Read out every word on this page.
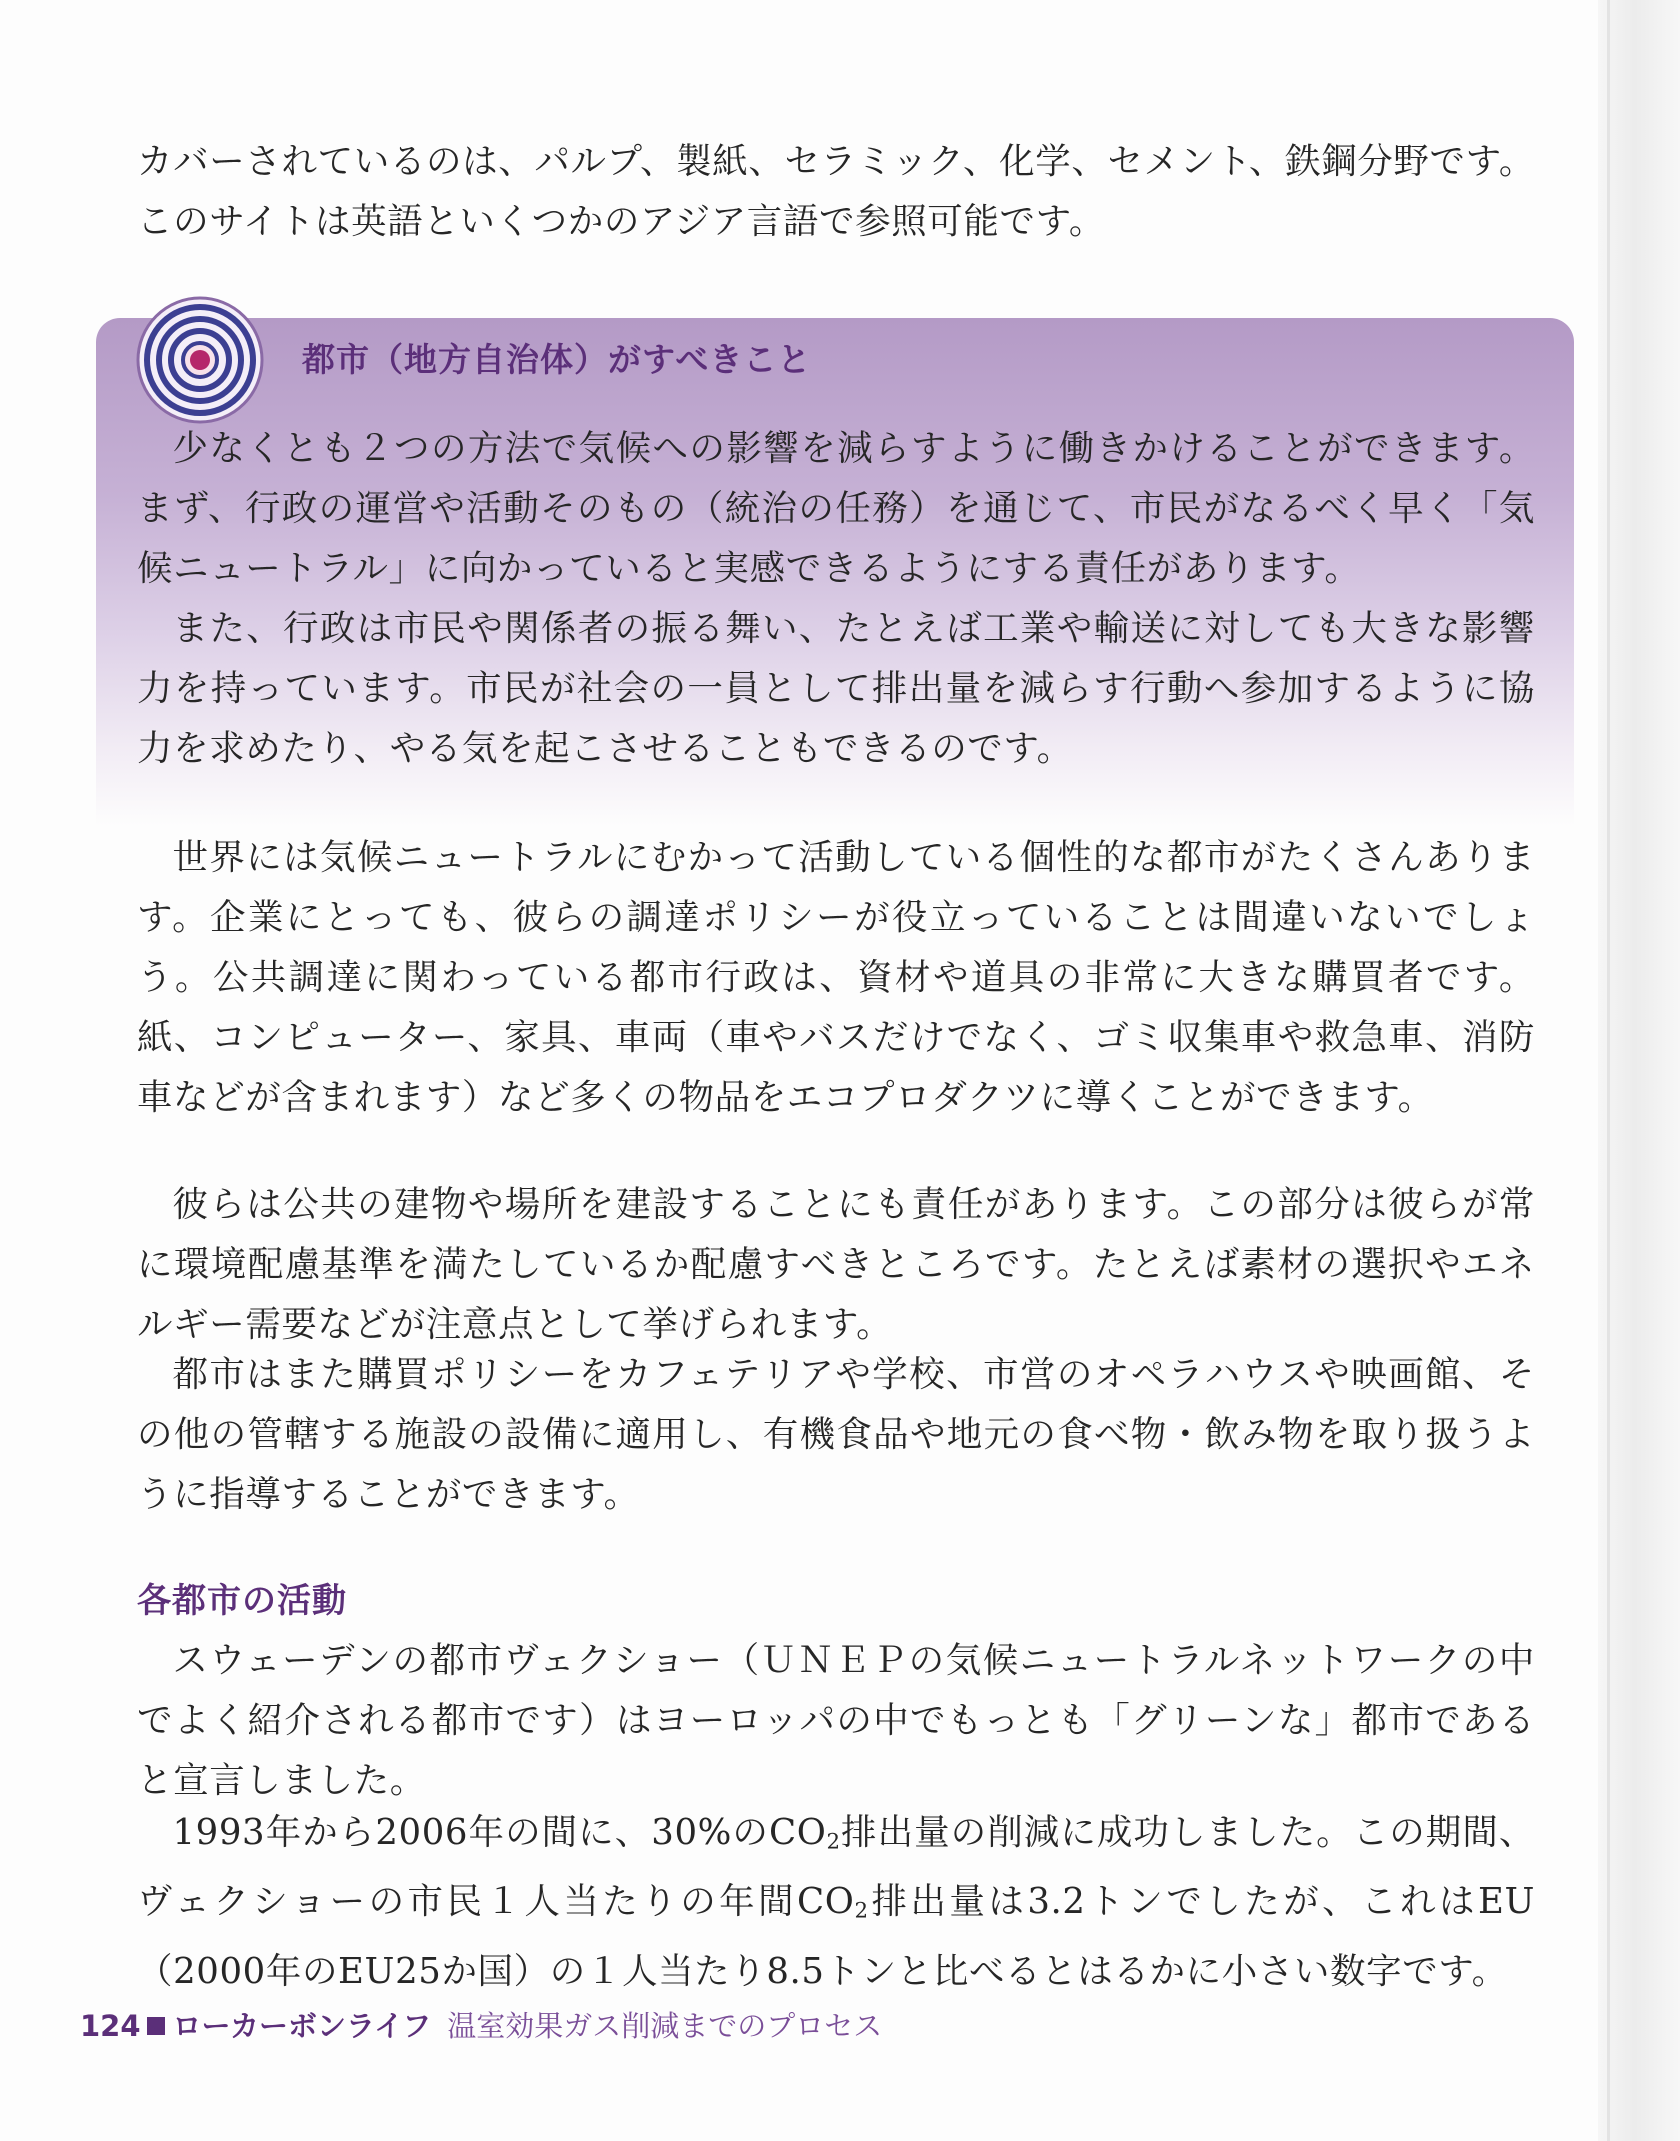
カバーされているのは、パルプ、製紙、セラミック、化学、セメント、鉄鋼分野です。このサイトは英語といくつかのアジア言語で参照可能です。

都市（地方自治体）がすべきこと

少なくとも２つの方法で気候への影響を減らすように働きかけることができます。まず、行政の運営や活動そのもの（統治の任務）を通じて、市民がなるべく早く「気候ニュートラル」に向かっていると実感できるようにする責任があります。

また、行政は市民や関係者の振る舞い、たとえば工業や輸送に対しても大きな影響力を持っています。市民が社会の一員として排出量を減らす行動へ参加するように協力を求めたり、やる気を起こさせることもできるのです。

世界には気候ニュートラルにむかって活動している個性的な都市がたくさんあります。企業にとっても、彼らの調達ポリシーが役立っていることは間違いないでしょう。公共調達に関わっている都市行政は、資材や道具の非常に大きな購買者です。紙、コンピューター、家具、車両（車やバスだけでなく、ゴミ収集車や救急車、消防車などが含まれます）など多くの物品をエコプロダクツに導くことができます。

彼らは公共の建物や場所を建設することにも責任があります。この部分は彼らが常に環境配慮基準を満たしているか配慮すべきところです。たとえば素材の選択やエネルギー需要などが注意点として挙げられます。

都市はまた購買ポリシーをカフェテリアや学校、市営のオペラハウスや映画館、その他の管轄する施設の設備に適用し、有機食品や地元の食べ物・飲み物を取り扱うように指導することができます。

各都市の活動

スウェーデンの都市ヴェクショー（ＵＮＥＰの気候ニュートラルネットワークの中でよく紹介される都市です）はヨーロッパの中でもっとも「グリーンな」都市であると宣言しました。

1993年から2006年の間に、30%のCO2排出量の削減に成功しました。この期間、ヴェクショーの市民１人当たりの年間CO2排出量は3.2トンでしたが、これはEU（2000年のEU25か国）の１人当たり8.5トンと比べるとはるかに小さい数字です。

124 ローカーボンライフ 温室効果ガス削減までのプロセス
